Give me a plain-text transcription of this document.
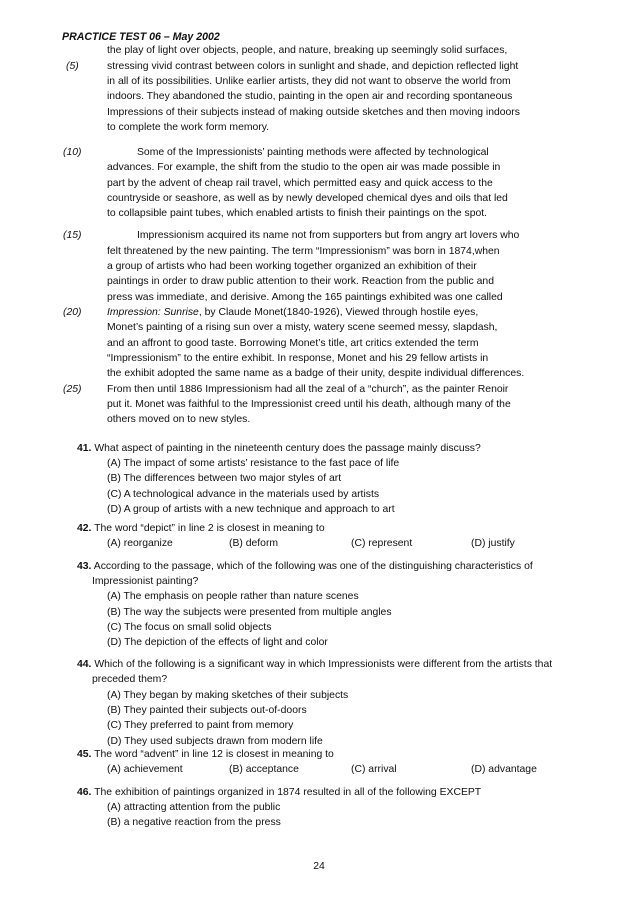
PRACTICE TEST 06 – May 2002
the play of light over objects, people, and nature, breaking up seemingly solid surfaces,
stressing vivid contrast between colors in sunlight and shade, and depiction reflected light
in all of its possibilities. Unlike earlier artists, they did not want to observe the world from
indoors. They abandoned the studio, painting in the open air and recording spontaneous
Impressions of their subjects instead of making outside sketches and then moving indoors
to complete the work form memory.
(5)
Some of the Impressionists’ painting methods were affected by technological
advances. For example, the shift from the studio to the open air was made possible in
part by the advent of cheap rail travel, which permitted easy and quick access to the
countryside or seashore, as well as by newly developed chemical dyes and oils that led
to collapsible paint tubes, which enabled artists to finish their paintings on the spot.
(10)
Impressionism acquired its name not from supporters but from angry art lovers who
felt threatened by the new painting. The term “Impressionism” was born in 1874,when
a group of artists who had been working together organized an exhibition of their
paintings in order to draw public attention to their work. Reaction from the public and
press was immediate, and derisive. Among the 165 paintings exhibited was one called
Impression: Sunrise, by Claude Monet(1840-1926), Viewed through hostile eyes,
Monet’s painting of a rising sun over a misty, watery scene seemed messy, slapdash,
and an affront to good taste. Borrowing Monet’s title, art critics extended the term
“Impressionism” to the entire exhibit. In response, Monet and his 29 fellow artists in
the exhibit adopted the same name as a badge of their unity, despite individual differences.
From then until 1886 Impressionism had all the zeal of a “church”, as the painter Renoir
put it. Monet was faithful to the Impressionist creed until his death, although many of the
others moved on to new styles.
(15)
(20)
(25)
41. What aspect of painting in the nineteenth century does the passage mainly discuss?
(A) The impact of some artists’ resistance to the fast pace of life
(B) The differences between two major styles of art
(C) A technological advance in the materials used by artists
(D) A group of artists with a new technique and approach to art
42. The word “depict” in line 2 is closest in meaning to
(A) reorganize	(B) deform	(C) represent	(D) justify
43. According to the passage, which of the following was one of the distinguishing characteristics of
Impressionist painting?
(A) The emphasis on people rather than nature scenes
(B) The way the subjects were presented from multiple angles
(C) The focus on small solid objects
(D) The depiction of the effects of light and color
44. Which of the following is a significant way in which Impressionists were different from the artists that
preceded them?
(A) They began by making sketches of their subjects
(B) They painted their subjects out-of-doors
(C) They preferred to paint from memory
(D) They used subjects drawn from modern life
45. The word “advent” in line 12 is closest in meaning to
(A) achievement	(B) acceptance	(C) arrival	(D) advantage
46. The exhibition of paintings organized in 1874 resulted in all of the following EXCEPT
(A) attracting attention from the public
(B) a negative reaction from the press
24
